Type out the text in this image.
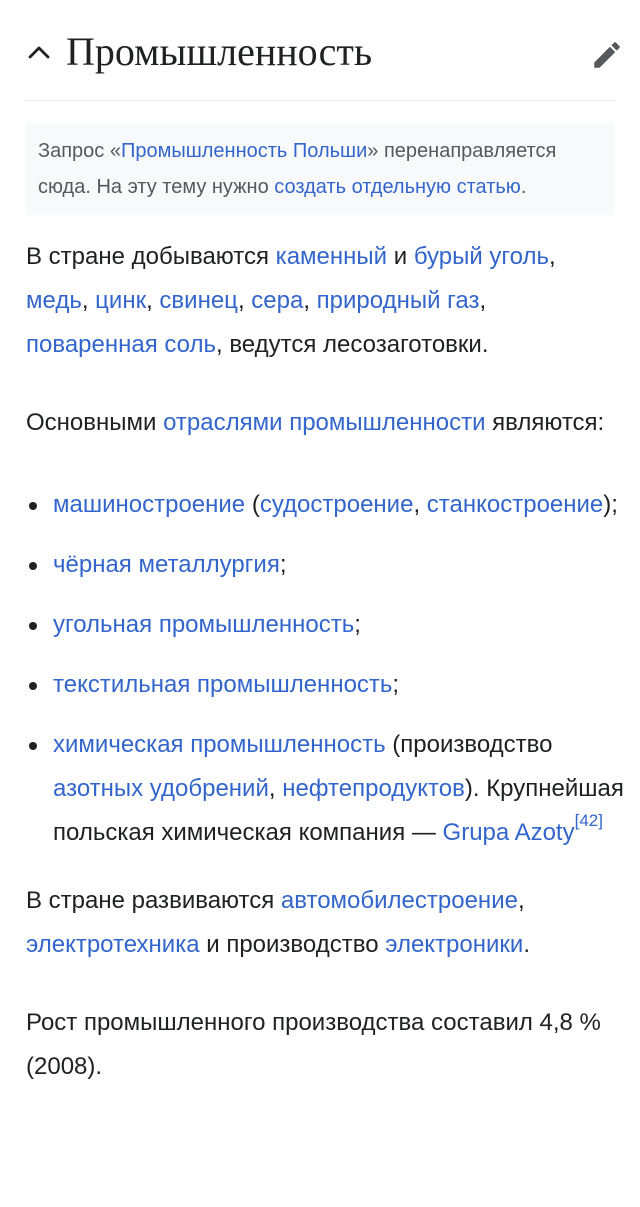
Промышленность
Запрос «Промышленность Польши» перенаправляется сюда. На эту тему нужно создать отдельную статью.

В стране добываются каменный и бурый уголь, медь, цинк, свинец, сера, природный газ, поваренная соль, ведутся лесозаготовки.

Основными отраслями промышленности являются:

машиностроение (судостроение, станкостроение);
чёрная металлургия;
угольная промышленность;
текстильная промышленность;
химическая промышленность (производство азотных удобрений, нефтепродуктов). Крупнейшая польская химическая компания — Grupa Azoty[42]

В стране развиваются автомобилестроение, электротехника и производство электроники.

Рост промышленного производства составил 4,8 % (2008).
